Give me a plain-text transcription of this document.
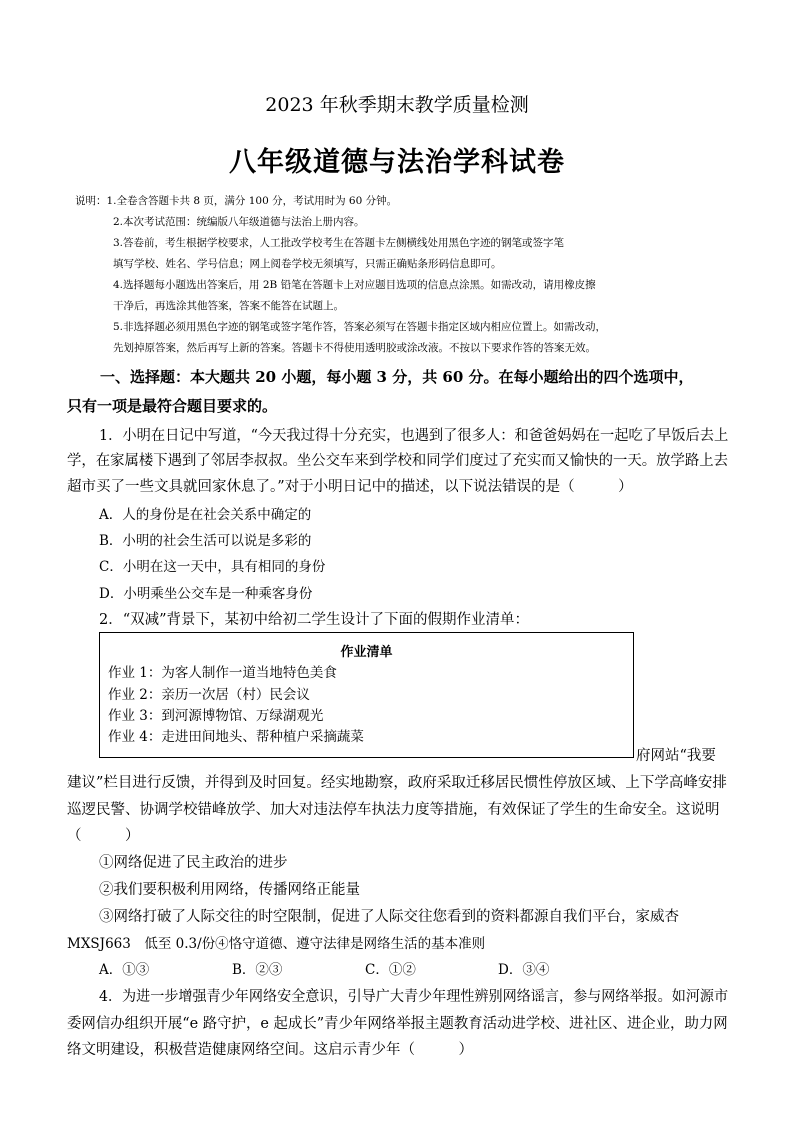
2023 年秋季期末教学质量检测
八年级道德与法治学科试卷
说明：1.全卷含答题卡共 8 页，满分 100 分，考试用时为 60 分钟。
2.本次考试范围：统编版八年级道德与法治上册内容。
3.答卷前，考生根据学校要求，人工批改学校考生在答题卡左侧横线处用黑色字迹的钢笔或签字笔
填写学校、姓名、学号信息；网上阅卷学校无须填写，只需正确贴条形码信息即可。
4.选择题每小题选出答案后，用 2B 铅笔在答题卡上对应题目选项的信息点涂黑。如需改动，请用橡皮擦
干净后，再选涂其他答案，答案不能答在试题上。
5.非选择题必须用黑色字迹的钢笔或签字笔作答，答案必须写在答题卡指定区域内相应位置上。如需改动，
先划掉原答案，然后再写上新的答案。答题卡不得使用透明胶或涂改液。不按以下要求作答的答案无效。
一、选择题：本大题共 20 小题，每小题 3 分，共 60 分。在每小题给出的四个选项中，
只有一项是最符合题目要求的。
1．小明在日记中写道，“今天我过得十分充实，也遇到了很多人：和爸爸妈妈在一起吃了早饭后去上
学，在家属楼下遇到了邻居李叔叔。坐公交车来到学校和同学们度过了充实而又愉快的一天。放学路上去
超市买了一些文具就回家休息了。”对于小明日记中的描述，以下说法错误的是（　　　）
A．人的身份是在社会关系中确定的
B．小明的社会生活可以说是多彩的
C．小明在这一天中，具有相同的身份
D．小明乘坐公交车是一种乘客身份
2．“双减”背景下，某初中给初二学生设计了下面的假期作业清单：
作业清单
作业 1：为客人制作一道当地特色美食
作业 2：亲历一次居（村）民会议
作业 3：到河源博物馆、万绿湖观光
作业 4：走进田间地头、帮种植户采摘蔬菜
府网站“我要
建议”栏目进行反馈，并得到及时回复。经实地勘察，政府采取迁移居民惯性停放区域、上下学高峰安排
巡逻民警、协调学校错峰放学、加大对违法停车执法力度等措施，有效保证了学生的生命安全。这说明
（　　　）
①网络促进了民主政治的进步
②我们要积极利用网络，传播网络正能量
③网络打破了人际交往的时空限制，促进了人际交往您看到的资料都源自我们平台，家威杏
MXSJ663　低至 0.3/份④恪守道德、遵守法律是网络生活的基本准则
A．①③	B．②③	C．①②	D．③④
4．为进一步增强青少年网络安全意识，引导广大青少年理性辨别网络谣言，参与网络举报。如河源市
委网信办组织开展“e 路守护，e 起成长”青少年网络举报主题教育活动进学校、进社区、进企业，助力网
络文明建设，积极营造健康网络空间。这启示青少年（　　　）
